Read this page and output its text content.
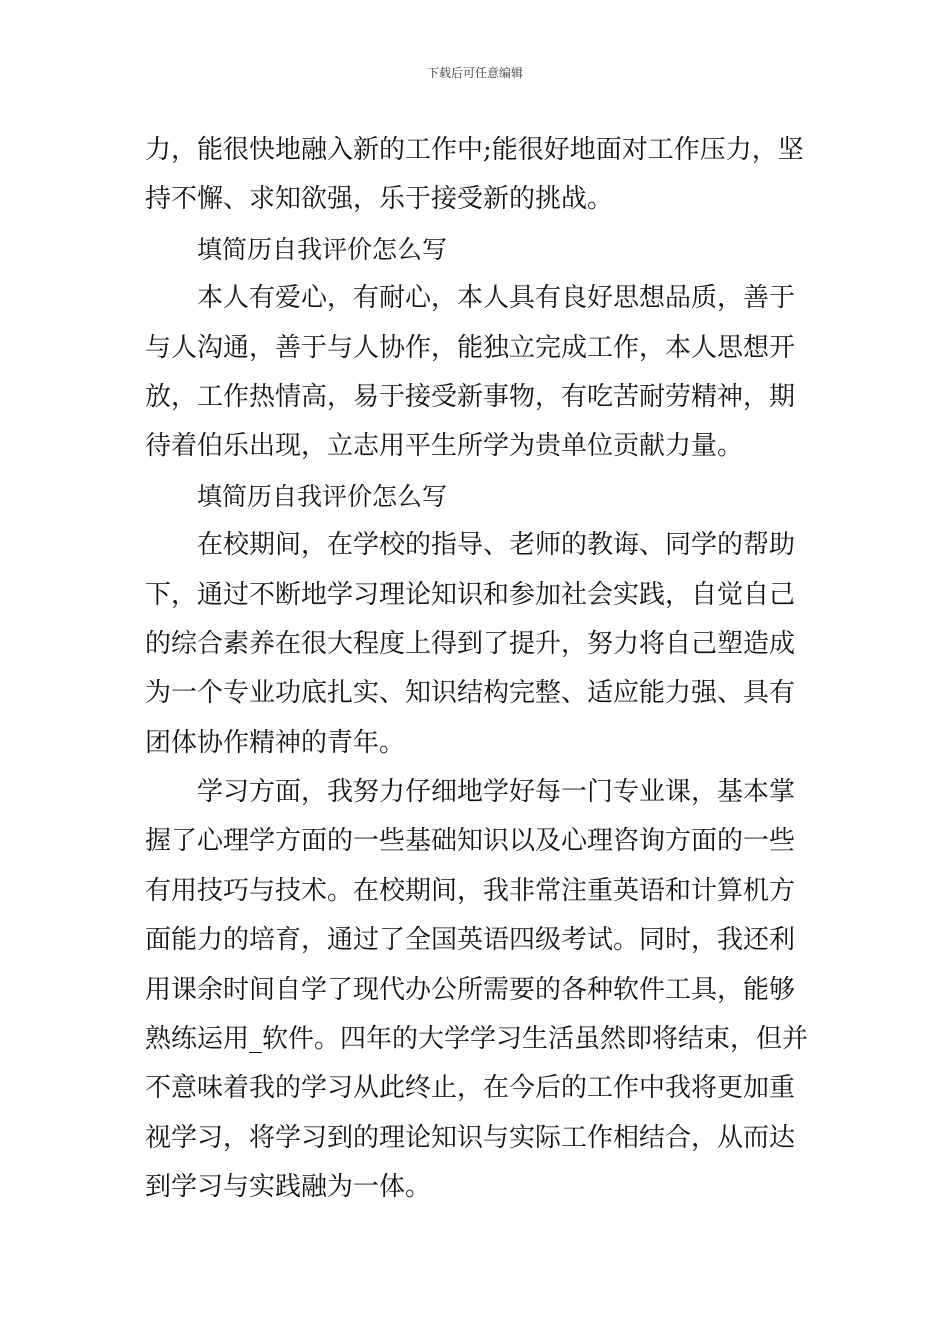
下载后可任意编辑
力，能很快地融入新的工作中;能很好地面对工作压力，坚
持不懈、求知欲强，乐于接受新的挑战。
填简历自我评价怎么写
本人有爱心，有耐心，本人具有良好思想品质，善于
与人沟通，善于与人协作，能独立完成工作，本人思想开
放，工作热情高，易于接受新事物，有吃苦耐劳精神，期
待着伯乐出现，立志用平生所学为贵单位贡献力量。
填简历自我评价怎么写
在校期间，在学校的指导、老师的教诲、同学的帮助
下，通过不断地学习理论知识和参加社会实践，自觉自己
的综合素养在很大程度上得到了提升，努力将自己塑造成
为一个专业功底扎实、知识结构完整、适应能力强、具有
团体协作精神的青年。
学习方面，我努力仔细地学好每一门专业课，基本掌
握了心理学方面的一些基础知识以及心理咨询方面的一些
有用技巧与技术。在校期间，我非常注重英语和计算机方
面能力的培育，通过了全国英语四级考试。同时，我还利
用课余时间自学了现代办公所需要的各种软件工具，能够
熟练运用_软件。四年的大学学习生活虽然即将结束，但并
不意味着我的学习从此终止，在今后的工作中我将更加重
视学习，将学习到的理论知识与实际工作相结合，从而达
到学习与实践融为一体。
